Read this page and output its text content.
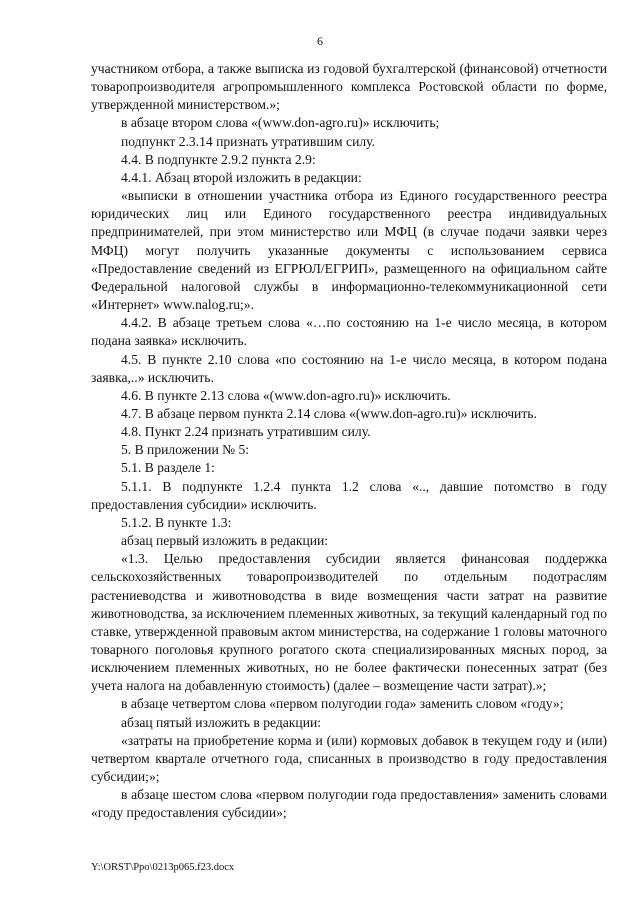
6

участником отбора, а также выписка из годовой бухгалтерской (финансовой) отчетности товаропроизводителя агропромышленного комплекса Ростовской области по форме, утвержденной министерством.»;

в абзаце втором слова «(www.don-agro.ru)» исключить;

подпункт 2.3.14 признать утратившим силу.

4.4. В подпункте 2.9.2 пункта 2.9:

4.4.1. Абзац второй изложить в редакции:

«выписки в отношении участника отбора из Единого государственного реестра юридических лиц или Единого государственного реестра индивидуальных предпринимателей, при этом министерство или МФЦ (в случае подачи заявки через МФЦ) могут получить указанные документы с использованием сервиса «Предоставление сведений из ЕГРЮЛ/ЕГРИП», размещенного на официальном сайте Федеральной налоговой службы в информационно-телекоммуникационной сети «Интернет» www.nalog.ru;».

4.4.2. В абзаце третьем слова «…по состоянию на 1-е число месяца, в котором подана заявка» исключить.

4.5. В пункте 2.10 слова «по состоянию на 1-е число месяца, в котором подана заявка,..» исключить.

4.6. В пункте 2.13 слова «(www.don-agro.ru)» исключить.

4.7. В абзаце первом пункта 2.14 слова «(www.don-agro.ru)» исключить.

4.8. Пункт 2.24 признать утратившим силу.

5. В приложении № 5:

5.1. В разделе 1:

5.1.1. В подпункте 1.2.4 пункта 1.2 слова «.., давшие потомство в году предоставления субсидии» исключить.

5.1.2. В пункте 1.3:

абзац первый изложить в редакции:

«1.3. Целью предоставления субсидии является финансовая поддержка сельскохозяйственных товаропроизводителей по отдельным подотраслям растениеводства и животноводства в виде возмещения части затрат на развитие животноводства, за исключением племенных животных, за текущий календарный год по ставке, утвержденной правовым актом министерства, на содержание 1 головы маточного товарного поголовья крупного рогатого скота специализированных мясных пород, за исключением племенных животных, но не более фактически понесенных затрат (без учета налога на добавленную стоимость) (далее – возмещение части затрат).»;

в абзаце четвертом слова «первом полугодии года» заменить словом «году»;

абзац пятый изложить в редакции:

«затраты на приобретение корма и (или) кормовых добавок в текущем году и (или) четвертом квартале отчетного года, списанных в производство в году предоставления субсидии;»;

в абзаце шестом слова «первом полугодии года предоставления» заменить словами «году предоставления субсидии»;

Y:\ORST\Ppo\0213p065.f23.docx
